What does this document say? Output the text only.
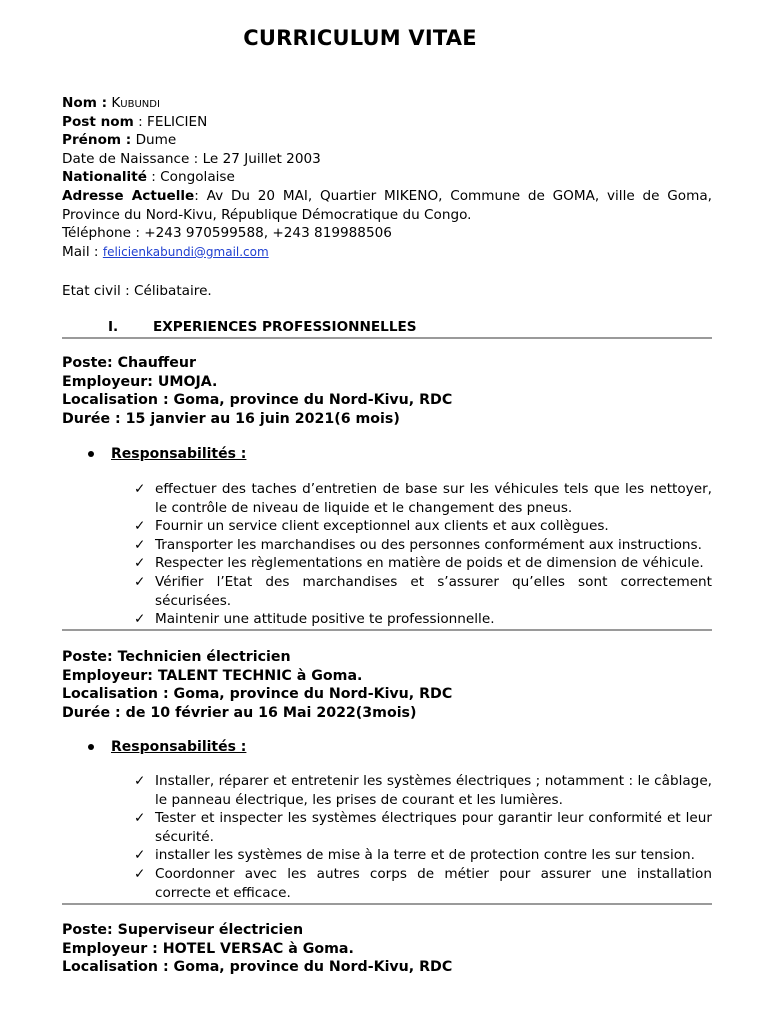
CURRICULUM VITAE
Nom : Kubundi
Post nom : FELICIEN
Prénom : Dume
Date de Naissance : Le 27 Juillet 2003
Nationalité : Congolaise
Adresse Actuelle: Av Du 20 MAI, Quartier MIKENO, Commune de GOMA, ville de Goma, Province du Nord-Kivu, République Démocratique du Congo.
Téléphone : +243 970599588, +243 819988506
Mail : felicienkabundi@gmail.com
Etat civil : Célibataire.
I.	EXPERIENCES PROFESSIONNELLES
Poste: Chauffeur
Employeur: UMOJA.
Localisation : Goma, province du Nord-Kivu, RDC
Durée : 15 janvier au 16 juin 2021(6 mois)
Responsabilités :
✓ effectuer des taches d’entretien de base sur les véhicules tels que les nettoyer, le contrôle de niveau de liquide et le changement des pneus.
✓ Fournir un service client exceptionnel aux clients et aux collègues.
✓ Transporter les marchandises ou des personnes conformément aux instructions.
✓ Respecter les règlementations en matière de poids et de dimension de véhicule.
✓ Vérifier l’Etat des marchandises et s’assurer qu’elles sont correctement sécurisées.
✓ Maintenir une attitude positive te professionnelle.
Poste: Technicien électricien
Employeur: TALENT TECHNIC à Goma.
Localisation : Goma, province du Nord-Kivu, RDC
Durée : de 10 février au 16 Mai 2022(3mois)
Responsabilités :
✓ Installer, réparer et entretenir les systèmes électriques ; notamment : le câblage, le panneau électrique, les prises de courant et les lumières.
✓ Tester et inspecter les systèmes électriques pour garantir leur conformité et leur sécurité.
✓ installer les systèmes de mise à la terre et de protection contre les sur tension.
✓ Coordonner avec les autres corps de métier pour assurer une installation correcte et efficace.
Poste: Superviseur électricien
Employeur : HOTEL VERSAC à Goma.
Localisation : Goma, province du Nord-Kivu, RDC
